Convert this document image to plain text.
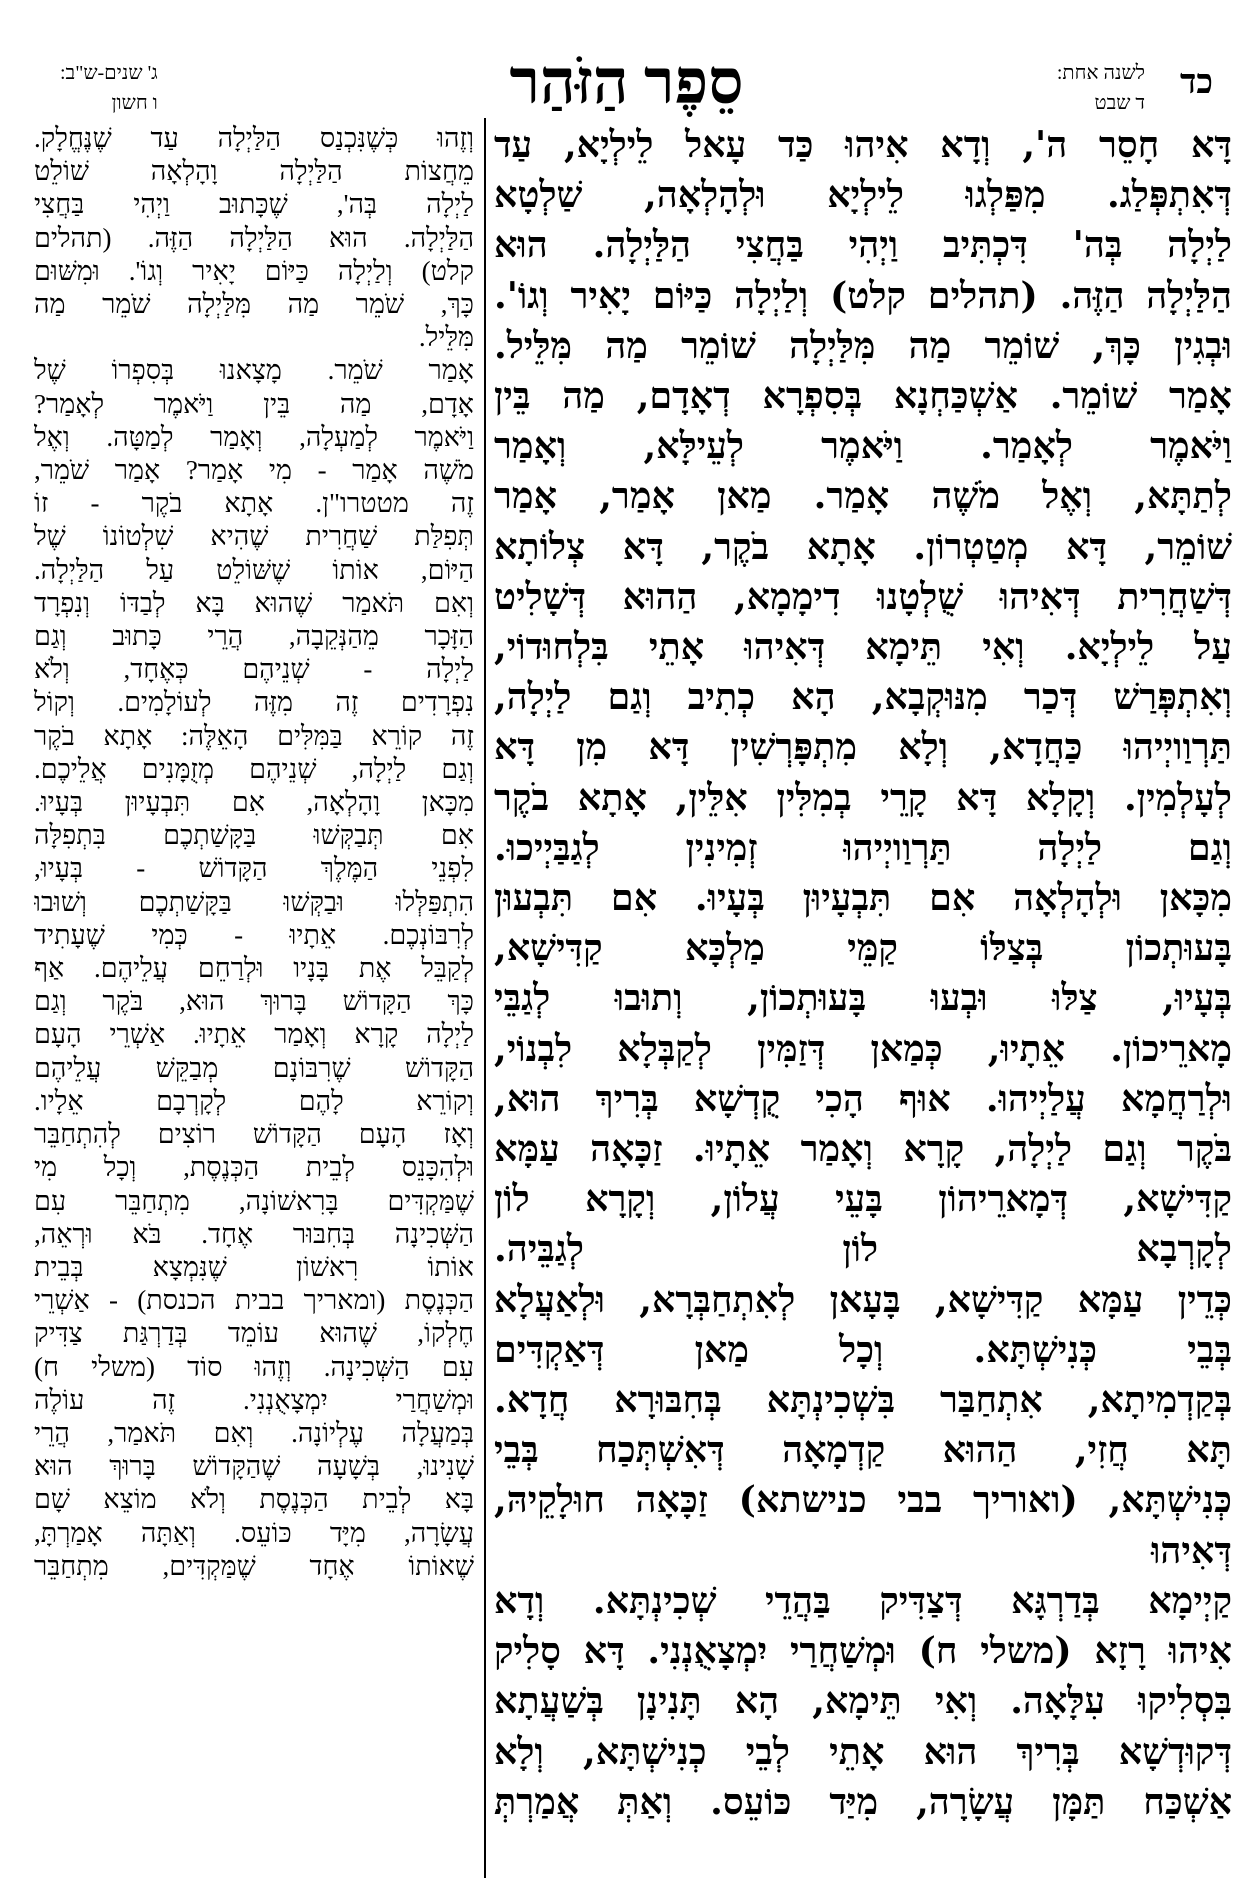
כד
לשנה אחת:
ד שבט
סֵפֶר הַזֹּהַר
ג' שנים-ש"ב:
ו חשון

דָּא חָסֵר ה', וְדָא אִיהוּ כַּד עָאל לֵילְיָא, עַד

דְּאִתְפְּלַג. מִפַּלְגוּ לֵילְיָא וּלְהָלְאָה, שַׁלְטָא

לַיְלָה בְּה' דִּכְתִּיב וַיְהִי בַּחֲצִי הַלַּיְלָה. הוּא

הַלַּיְלָה הַזֶּה. (תהלים קלט) וְלַיְלָה כַּיּוֹם יָאִיר וְגוֹ'.

וּבְגִין כָּךְ, שׁוֹמֵר מַה מִּלַּיְלָה שׁוֹמֵר מַה מִּלֵּיל.

אָמַר שׁוֹמֵר. אַשְׁכַּחְנָא בְּסִפְרָא דְאָדָם, מַה בֵּין

וַיֹּאמֶר לְאָמַר. וַיֹּאמֶר לְעֵילָּא, וְאָמַר

לְתַתָּא, וְאֶל מֹשֶׁה אָמַר. מַאן אָמַר, אָמַר

שׁוֹמֵר, דָּא מְטַטְרוֹן. אָתָא בֹקֶר, דָּא צְלוֹתָא

דְּשַׁחֲרִית דְּאִיהוּ שֻׁלְטָנוּ דִימָמָא, הַהוּא דְּשָׁלִיט

עַל לֵילְיָא. וְאִי תֵּימָא דְּאִיהוּ אָתֵי בִּלְחוּדוֹי,

וְאִתְפְּרַשׁ דְּכַר מִנּוּקְבָא, הָא כְתִיב וְגַם לַיְלָה,

תַּרְוַויְיהוּ כַּחֲדָא, וְלָא מִתְפָּרְשִׁין דָּא מִן דָּא

לְעָלְמִין. וְקָלָא דָּא קָרֵי בְמִלִּין אִלֵּין, אָתָא בֹקֶר

וְגַם לַיְלָה תַּרְוַויְיהוּ זְמִינִין לְגַבַּיְיכוּ.

מִכָּאן וּלְהָלְאָה אִם תִּבְעָיוּן בְּעָיוּ. אִם תִּבְעוּן

בָּעוּתְכוֹן בְּצַלּוֹ קַמֵּי מַלְכָּא קַדִּישָׁא,

בְּעָיוּ, צַלּוּ וּבְעוּ בָּעוּתְכוֹן, וְתוּבוּ לְגַבֵּי

מָארֵיכוֹן. אֵתָיוּ, כְּמַאן דְּזַמִּין לְקַבְּלָא לִבְנוֹי,

וּלְרַחֲמָא עֲלַיְיהוּ. אוּף הָכִי קֻדְשָׁא בְּרִיךְ הוּא,

בֹּקֶר וְגַם לַיְלָה, קָרָא וְאָמַר אֵתָיוּ. זַכָּאָה עַמָּא

קַדִּישָׁא, דְּמָארֵיהוֹן בָּעֵי עֲלוֹן, וְקָרָא לוֹן

לְקָרְבָא לוֹן לְגַבֵּיה.

כְּדֵין עַמָּא קַדִּישָׁא, בָּעָאן לְאִתְחַבְּרָא, וּלְאַעֲלָא

בְּבֵי כְּנִישְׁתָּא. וְכָל מַאן דְּאַקְדִּים

בְּקַדְמִיתָא, אִתְחַבַּר בִּשְׁכִינְתָּא בְּחִבּוּרָא חֲדָא.

תָּא חֲזִי, הַהוּא קַדְמָאָה דְּאִשְׁתְּכַח בְּבֵי

כְּנִישְׁתָּא, (ואוריך בבי כנישתא) זַכָּאָה חוּלָקֵיהּ, דְּאִיהוּ

קַיְימָא בְּדַרְגָּא דְּצַדִּיק בַּהֲדֵי שְׁכִינְתָּא. וְדָא

אִיהוּ רָזָא (משלי ח) וּמְשַׁחֲרַי יִמְצָאֻנְנִי. דָּא סָלִיק

בִּסְלִיקוּ עִלָּאָה. וְאִי תֵּימָא, הָא תָּנִינָן בְּשַׁעֲתָא

דְּקוּדְשָׁא בְּרִיךְ הוּא אָתֵי לְבֵי כְנִישְׁתָּא, וְלָא

אַשְׁכַּח תַּמָּן עֲשָׂרָה, מִיַּד כּוֹעֵס. וְאַתְּ אֲמַרְתְּ

וְזֶהוּ כְּשֶׁנִּכְנַס הַלַּיְלָה עַד שֶׁנֶּחֱלָק.

מֵחֲצוֹת הַלַּיְלָה וָהָלְאָה שׁוֹלֵט

לַיְלָה בְּה', שֶׁכָּתוּב וַיְהִי בַּחֲצִי

הַלַּיְלָה. הוּא הַלַּיְלָה הַזֶּה. (תהלים

קלט) וְלַיְלָה כַּיּוֹם יָאִיר וְגוֹ'. וּמִשּׁוּם

כָּךְ, שֹׁמֵר מַה מִּלַּיְלָה שֹׁמֵר מַה

מִּלֵּיל.

אָמַר שֹׁמֵר. מָצָאנוּ בְּסִפְרוֹ שֶׁל

אָדָם, מַה בֵּין וַיֹּאמֶר לְאָמַר?

וַיֹּאמֶר לְמַעְלָה, וְאָמַר לְמַטָּה. וְאֶל

מֹשֶׁה אָמַר - מִי אָמַר? אָמַר שֹׁמֵר,

זֶה מטטרו"ן. אָתָא בֹקֶר - זוֹ

תְּפִלַּת שַׁחֲרִית שֶׁהִיא שִׁלְטוֹנוֹ שֶׁל

הַיּוֹם, אוֹתוֹ שֶׁשּׁוֹלֵט עַל הַלַּיְלָה.

וְאִם תֹּאמַר שֶׁהוּא בָּא לְבַדּוֹ וְנִפְרָד

הַזָּכָר מֵהַנְּקֵבָה, הֲרֵי כָּתוּב וְגַם

לַיְלָה - שְׁנֵיהֶם כְּאֶחָד, וְלֹא

נִפְרָדִים זֶה מִזֶּה לְעוֹלָמִים. וְקוֹל

זֶה קוֹרֵא בַּמִּלִּים הָאֵלֶּה: אָתָא בֹקֶר

וְגַם לַיְלָה, שְׁנֵיהֶם מְזֻמָּנִים אֲלֵיכֶם.

מִכָּאן וָהָלְאָה, אִם תִּבְעָיוּן בְּעָיוּ.

אִם תְּבַקְּשׁוּ בַּקָּשַׁתְכֶם בִּתְפִלָּה

לִפְנֵי הַמֶּלֶךְ הַקָּדוֹשׁ - בְּעָיוּ,

הִתְפַּלְּלוּ וּבַקְּשׁוּ בַּקָּשַׁתְכֶם וְשׁוּבוּ

לְרִבּוֹנְכֶם. אֵתָיוּ - כְּמִי שֶׁעָתִיד

לְקַבֵּל אֶת בָּנָיו וּלְרַחֵם עֲלֵיהֶם. אַף

כָּךְ הַקָּדוֹשׁ בָּרוּךְ הוּא, בֹּקֶר וְגַם

לַיְלָה קָרָא וְאָמַר אֵתָיוּ. אַשְׁרֵי הָעָם

הַקָּדוֹשׁ שֶׁרִבּוֹנָם מְבַקֵּשׁ עֲלֵיהֶם

וְקוֹרֵא לָהֶם לְקָרְבָם אֵלָיו.

וְאָז הָעָם הַקָּדוֹשׁ רוֹצִים לְהִתְחַבֵּר

וּלְהִכָּנֵס לְבֵית הַכְּנֶסֶת, וְכָל מִי

שֶׁמַּקְדִּים בָּרִאשׁוֹנָה, מִתְחַבֵּר עִם

הַשְּׁכִינָה בְּחִבּוּר אֶחָד. בֹּא וּרְאֵה,

אוֹתוֹ רִאשׁוֹן שֶׁנִּמְצָא בְּבֵית

הַכְּנֶסֶת (ומאריך בבית הכנסת) - אַשְׁרֵי

חֶלְקוֹ, שֶׁהוּא עוֹמֵד בְּדַרְגַּת צַדִּיק

עִם הַשְּׁכִינָה. וְזֶהוּ סוֹד (משלי ח)

וּמְשַׁחֲרַי יִמְצָאֻנְנִי. זֶה עוֹלֶה

בְּמַעֲלָה עֶלְיוֹנָה. וְאִם תֹּאמַר, הֲרֵי

שָׁנִינוּ, בְּשָׁעָה שֶׁהַקָּדוֹשׁ בָּרוּךְ הוּא

בָּא לְבֵית הַכְּנֶסֶת וְלֹא מוֹצֵא שָׁם

עֲשָׂרָה, מִיָּד כּוֹעֵס. וְאַתָּה אָמַרְתָּ,

שֶׁאוֹתוֹ אֶחָד שֶׁמַּקְדִּים, מִתְחַבֵּר
